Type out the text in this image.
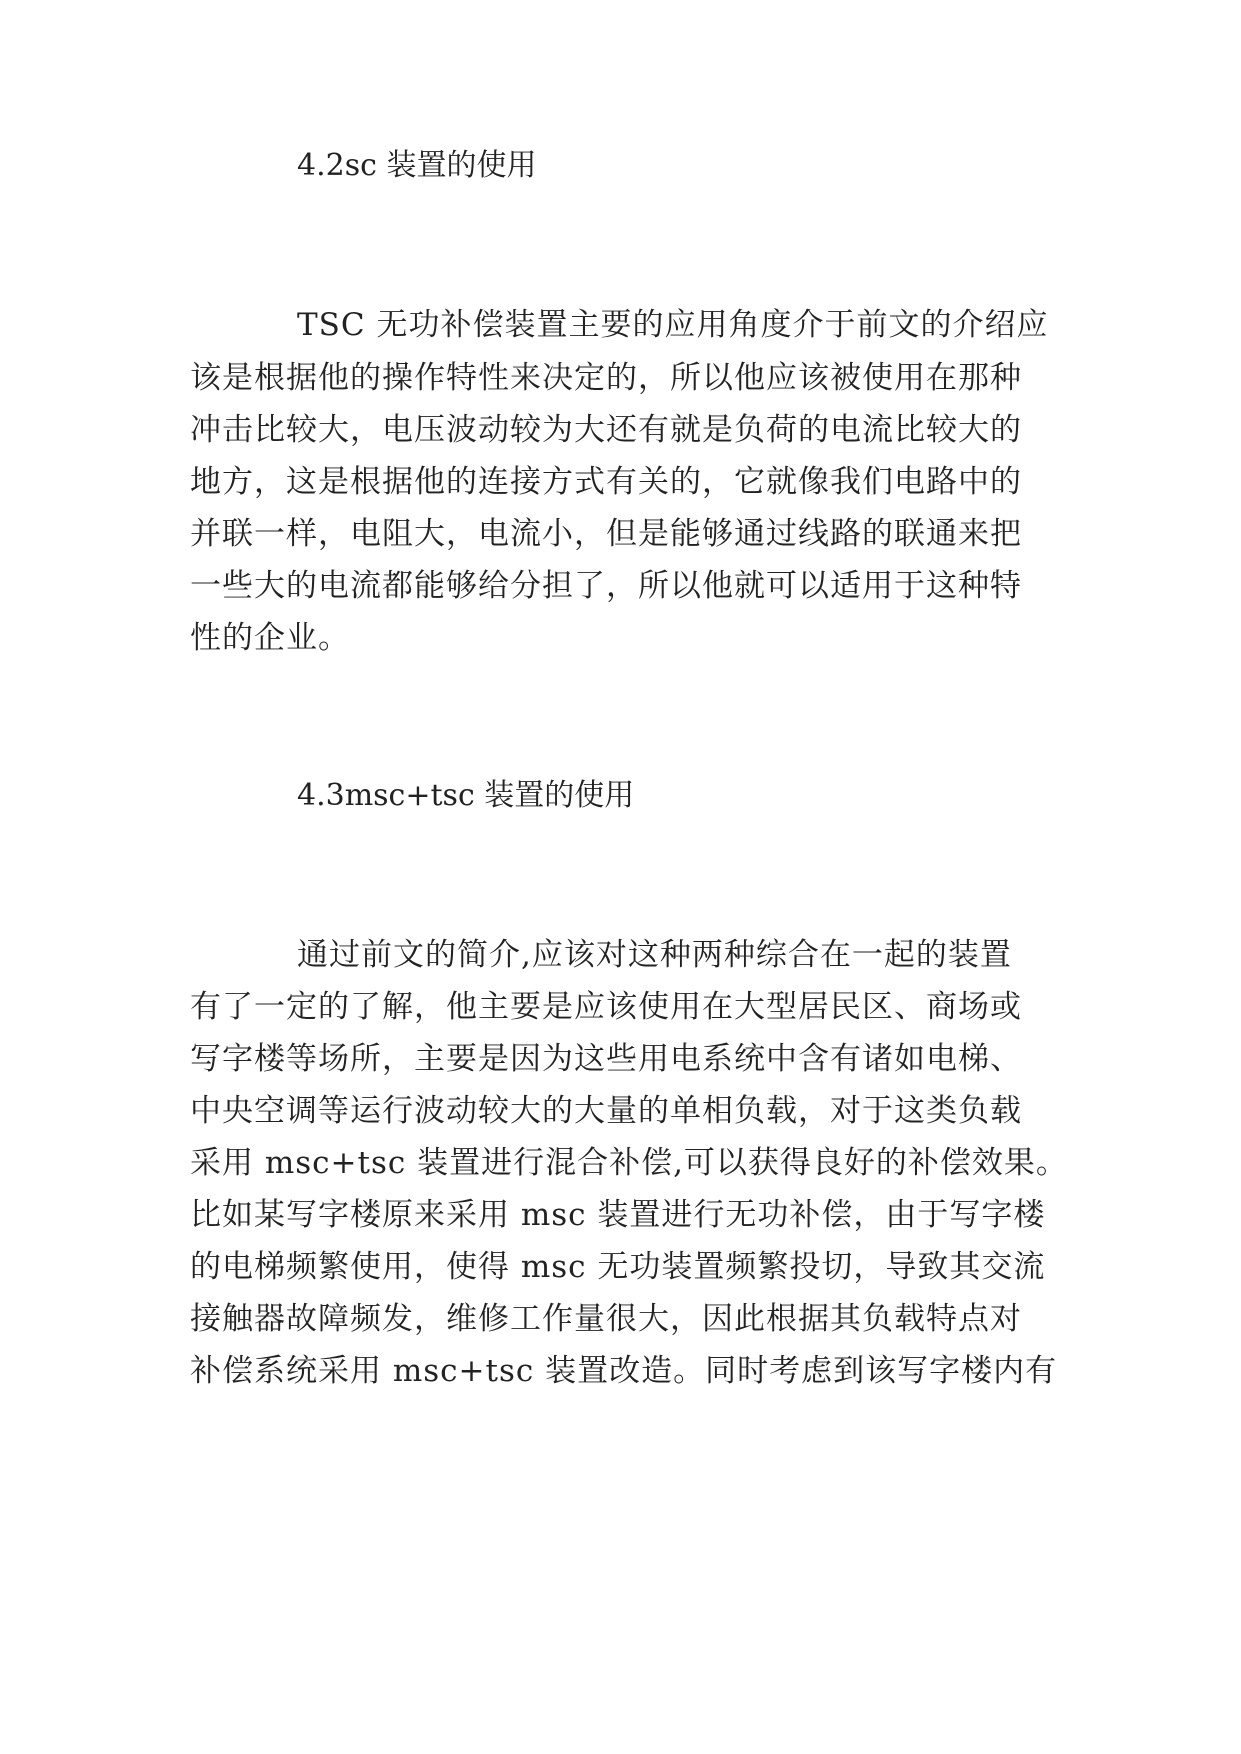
4.2sc 装置的使用
TSC 无功补偿装置主要的应用角度介于前文的介绍应
该是根据他的操作特性来决定的，所以他应该被使用在那种
冲击比较大，电压波动较为大还有就是负荷的电流比较大的
地方，这是根据他的连接方式有关的，它就像我们电路中的
并联一样，电阻大，电流小，但是能够通过线路的联通来把
一些大的电流都能够给分担了，所以他就可以适用于这种特
性的企业。
4.3msc+tsc 装置的使用
通过前文的简介,应该对这种两种综合在一起的装置
有了一定的了解，他主要是应该使用在大型居民区、商场或
写字楼等场所，主要是因为这些用电系统中含有诸如电梯、
中央空调等运行波动较大的大量的单相负载，对于这类负载
采用 msc+tsc 装置进行混合补偿,可以获得良好的补偿效果。
比如某写字楼原来采用 msc 装置进行无功补偿，由于写字楼
的电梯频繁使用，使得 msc 无功装置频繁投切，导致其交流
接触器故障频发，维修工作量很大，因此根据其负载特点对
补偿系统采用 msc+tsc 装置改造。同时考虑到该写字楼内有
